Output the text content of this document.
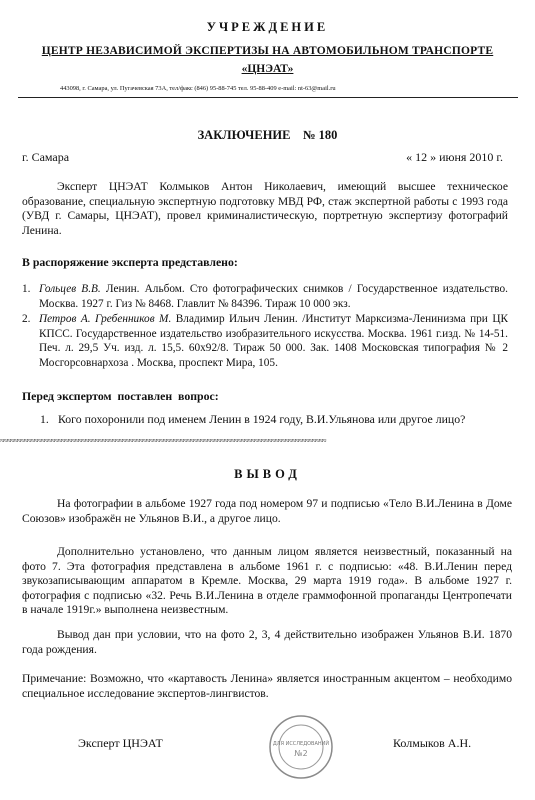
УЧРЕЖДЕНИЕ
ЦЕНТР НЕЗАВИСИМОЙ ЭКСПЕРТИЗЫ НА АВТОМОБИЛЬНОМ ТРАНСПОРТЕ
«ЦНЭАТ»
443098, г. Самара, ул. Пугачевская 73А, тел/факс (846) 95-88-745 тел. 95-88-409 e-mail: nt-63@mail.ru
ЗАКЛЮЧЕНИЕ    № 180
г. Самара	« 12 » июня 2010 г.
Эксперт ЦНЭАТ Колмыков Антон Николаевич, имеющий высшее техническое образование, специальную экспертную подготовку МВД РФ, стаж экспертной работы с 1993 года (УВД г. Самары, ЦНЭАТ), провел криминалистическую, портретную экспертизу фотографий Ленина.
В распоряжение эксперта представлено:
1. Гольцев В.В. Ленин. Альбом. Сто фотографических снимков / Государственное издательство. Москва. 1927 г. Гиз № 8468. Главлит № 84396. Тираж 10 000 экз.
2. Петров А. Гребенников М. Владимир Ильич Ленин. /Институт Марксизма-Ленинизма при ЦК КПСС. Государственное издательство изобразительного искусства. Москва. 1961 г.изд. № 14-51. Печ. л. 29,5 Уч. изд. л. 15,5. 60х92/8. Тираж 50 000. Зак. 1408 Московская типография № 2 Мосгорсовнархоза . Москва, проспект Мира, 105.
Перед экспертом  поставлен  вопрос:
1. Кого похоронили под именем Ленин в 1924 году, В.И.Ульянова или другое лицо?
≈≈≈≈≈≈≈≈≈≈≈≈≈≈≈≈≈≈≈≈≈≈≈≈≈≈≈≈≈≈≈≈≈≈≈≈≈≈≈≈≈≈≈≈≈≈≈≈≈≈≈≈≈≈≈≈≈≈≈≈≈≈≈≈≈≈≈≈≈≈≈≈≈≈≈≈≈≈≈≈≈≈≈≈≈≈≈≈≈≈≈≈≈≈≈≈
ВЫВОД
На фотографии в альбоме 1927 года под номером 97 и подписью «Тело В.И.Ленина в Доме Союзов» изображён не Ульянов В.И., а другое лицо.
Дополнительно установлено, что данным лицом является неизвестный, показанный на фото 7. Эта фотография представлена в альбоме 1961 г. с подписью: «48. В.И.Ленин перед звукозаписывающим аппаратом в Кремле. Москва, 29 марта 1919 года». В альбоме 1927 г. фотография с подписью «32. Речь В.И.Ленина в отделе граммофонной пропаганды Центропечати в начале 1919г.» выполнена неизвестным.
Вывод дан при условии, что на фото 2, 3, 4 действительно изображен Ульянов В.И. 1870 года рождения.
Примечание: Возможно, что «картавость Ленина» является иностранным акцентом – необходимо специальное исследование экспертов-лингвистов.
Эксперт ЦНЭАТ	ДЛЯ ИССЛЕДОВАНИЙ
№2
Колмыков А.Н.
